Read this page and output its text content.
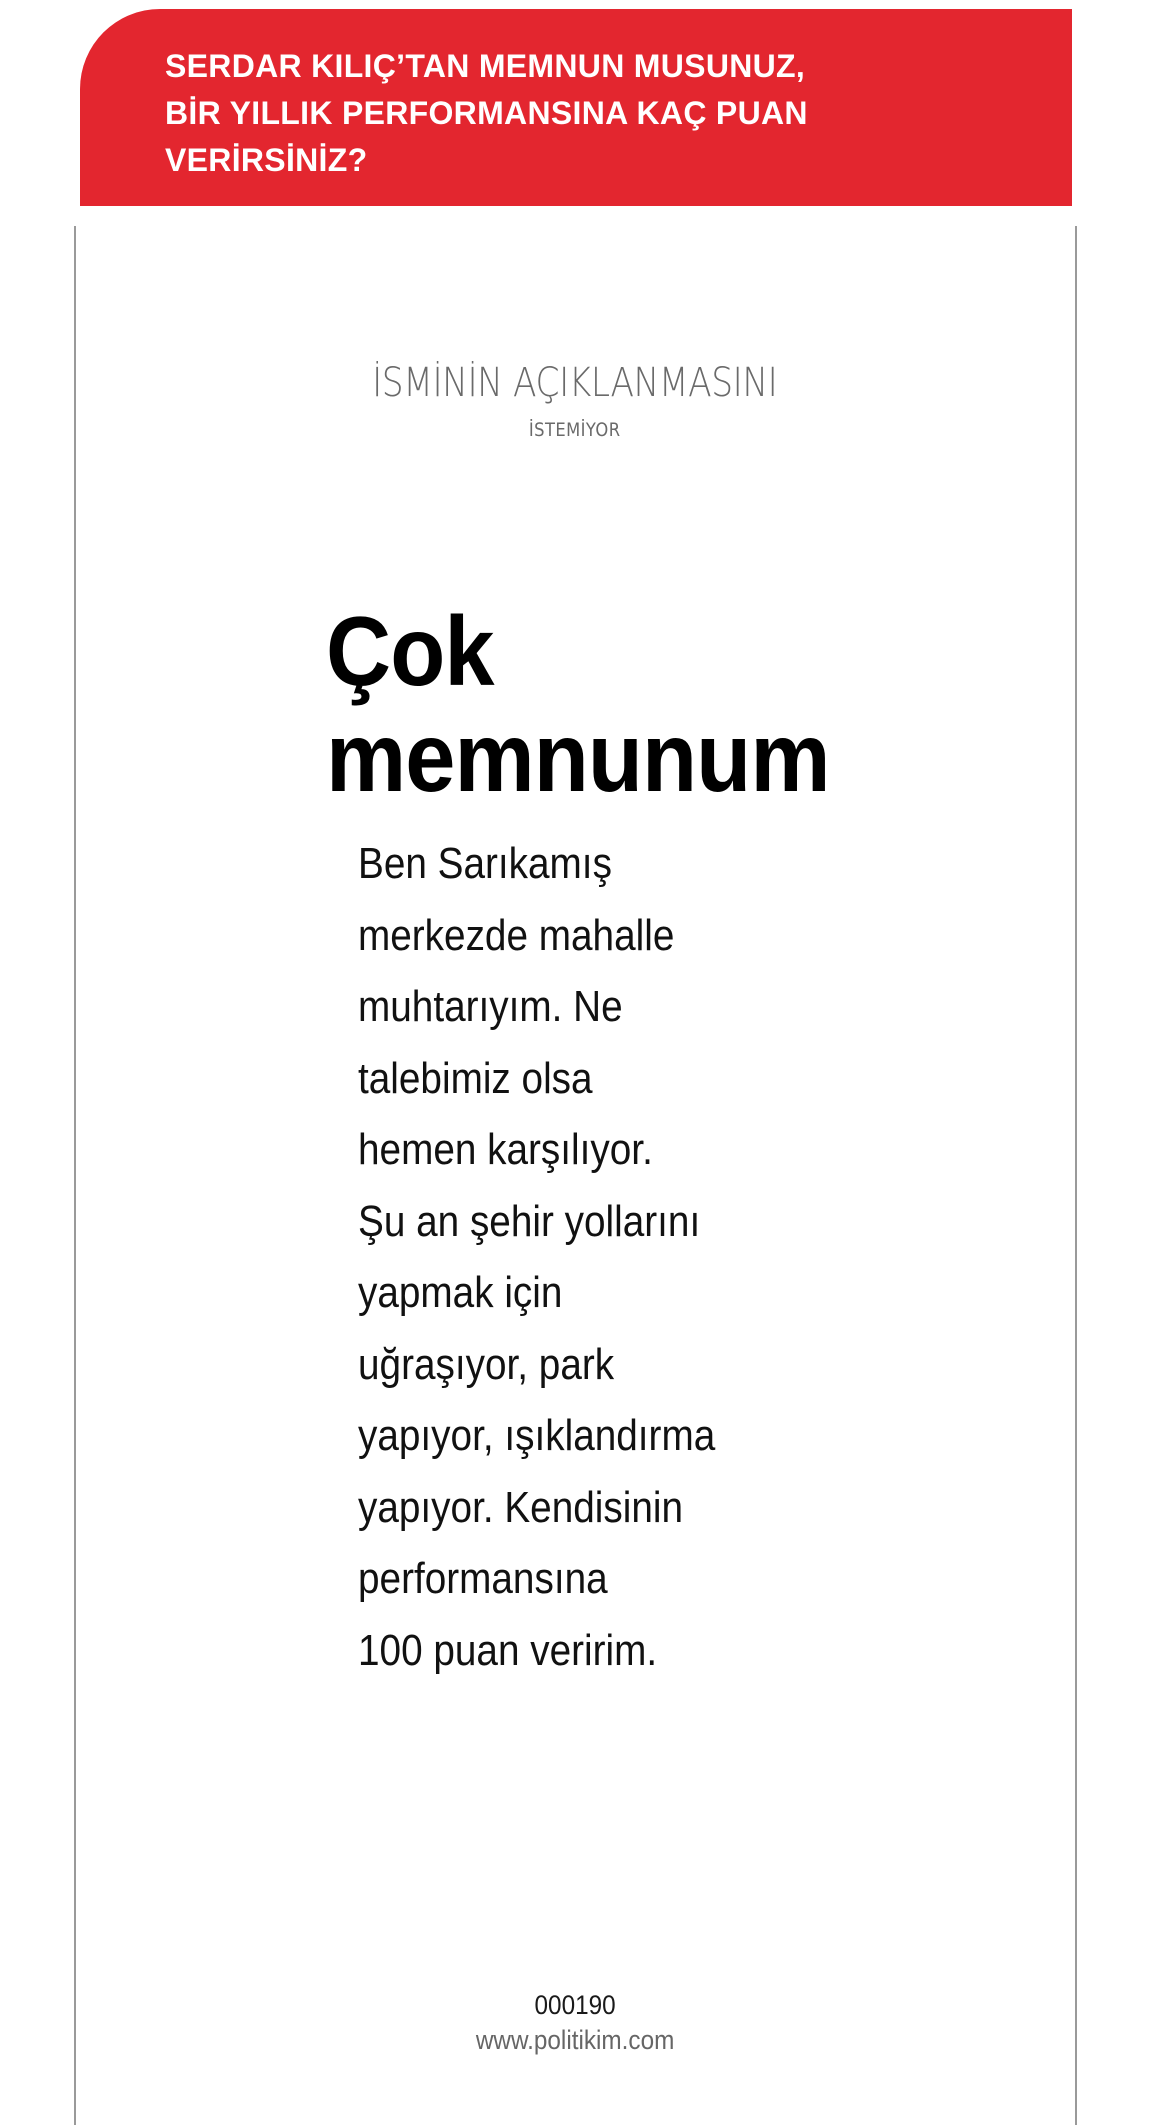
SERDAR KILIÇ’TAN MEMNUN MUSUNUZ,
BİR YILLIK PERFORMANSINA KAÇ PUAN
VERİRSİNİZ?
İSMİNİN AÇIKLANMASINI
İSTEMİYOR
Çok
memnunum
Ben Sarıkamış
merkezde mahalle
muhtarıyım. Ne
talebimiz olsa
hemen karşılıyor.
Şu an şehir yollarını
yapmak için
uğraşıyor, park
yapıyor, ışıklandırma
yapıyor. Kendisinin
performansına
100 puan veririm.
000190
www.politikim.com
